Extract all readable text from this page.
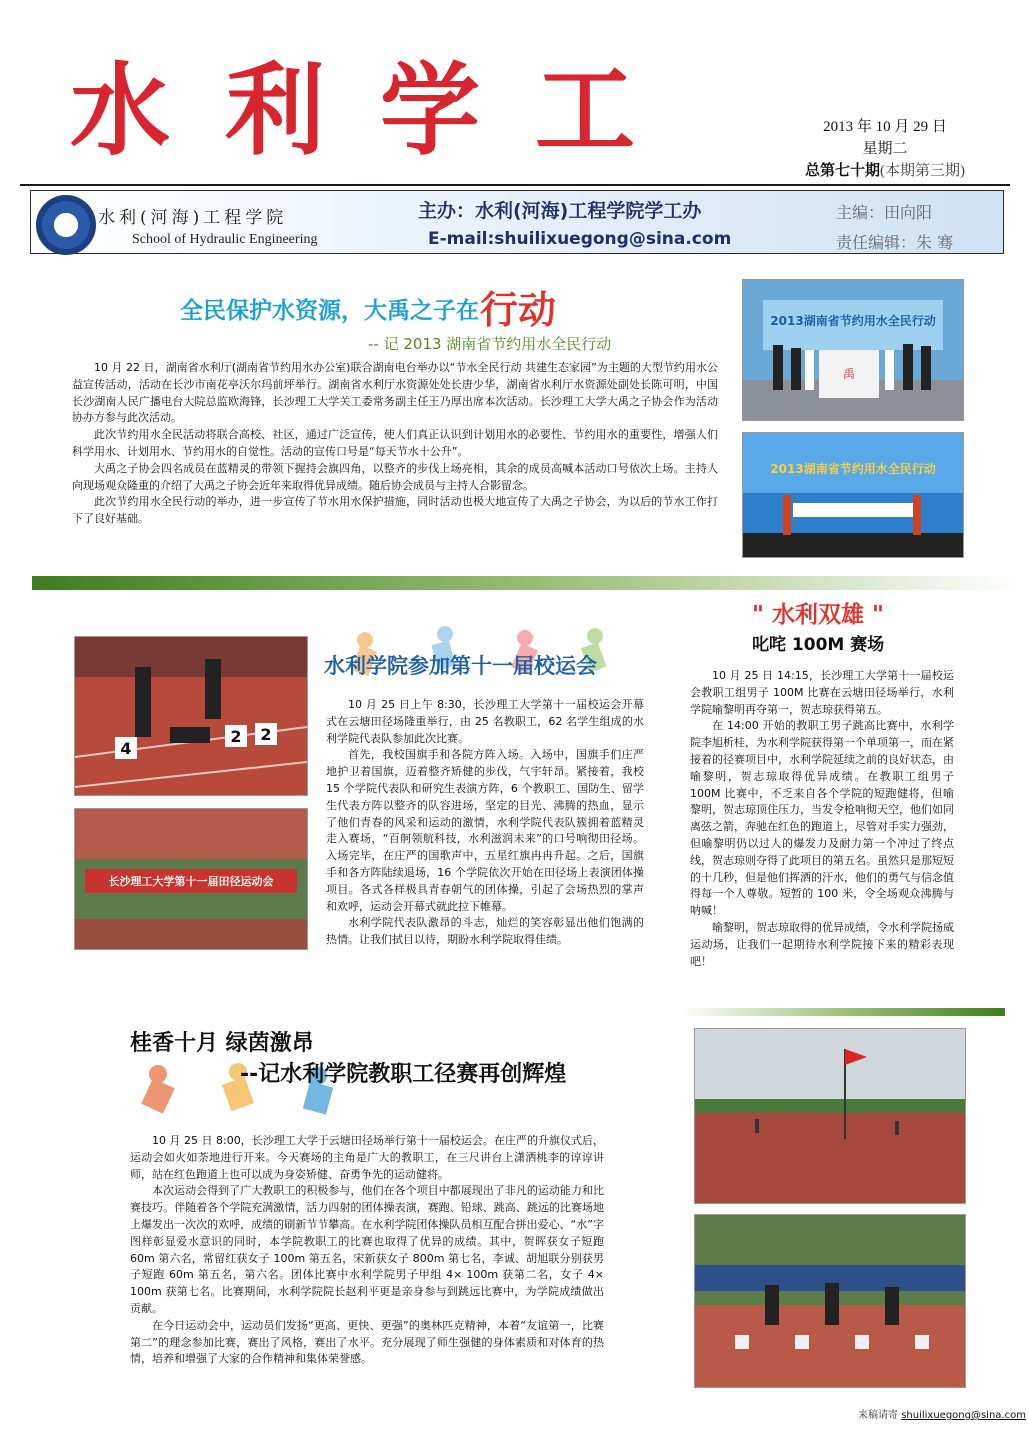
水利学工	2013 年 10 月 29 日
星期二
总第七十期(本期第三期)
水利(河海)工程学院
School of Hydraulic Engineering
主办：水利(河海)工程学院学工办
E-mail:shuilixuegong@sina.com
主编：田向阳
责任编辑：朱 骞
全民保护水资源，大禹之子在 行动
-- 记 2013 湖南省节约用水全民行动

10 月 22 日，湖南省水利厅(湖南省节约用水办公室)联合湖南电台举办以“节水全民行动 共建生态家园”为主题的大型节约用水公益宣传活动，活动在长沙市南花亭沃尔玛前坪举行。湖南省水利厅水资源处处长唐少华，湖南省水利厅水资源处副处长陈可明，中国长沙湖南人民广播电台大院总监欧海锋，长沙理工大学关工委常务副主任王乃厚出席本次活动。长沙理工大学大禹之子协会作为活动协办方参与此次活动。

此次节约用水全民活动将联合高校、社区，通过广泛宣传，使人们真正认识到计划用水的必要性、节约用水的重要性，增强人们科学用水、计划用水、节约用水的自觉性。活动的宣传口号是“每天节水十公升”。

大禹之子协会四名成员在蓝精灵的带领下握持会旗四角，以整齐的步伐上场亮相，其余的成员高喊本活动口号依次上场。主持人向现场观众隆重的介绍了大禹之子协会近年来取得优异成绩。随后协会成员与主持人合影留念。

此次节约用水全民行动的举办，进一步宣传了节水用水保护措施，同时活动也极大地宣传了大禹之子协会，为以后的节水工作打下了良好基础。

2013湖南省节约用水全民行动
禹
2013湖南省节约用水全民行动
水利学院参加第十一届校运会

10 月 25 日上午 8:30，长沙理工大学第十一届校运会开幕式在云塘田径场隆重举行，由 25 名教职工，62 名学生组成的水利学院代表队参加此次比赛。

首先，我校国旗手和各院方阵入场。入场中，国旗手们庄严地护卫着国旗，迈着整齐矫健的步伐，气宇轩昂。紧接着，我校 15 个学院代表队和研究生表演方阵，6 个教职工、国防生、留学生代表方阵以整齐的队容进场，坚定的目光、沸腾的热血，显示了他们青春的风采和运动的激情，水利学院代表队簇拥着蓝精灵走入赛场，“百舸领航科技，水利滋润未来”的口号响彻田径场。入场完毕，在庄严的国歌声中，五星红旗冉冉升起。之后，国旗手和各方阵陆续退场，16 个学院依次开始在田径场上表演团体操项目。各式各样极具青春朝气的团体操，引起了会场热烈的掌声和欢呼，运动会开幕式就此拉下帷幕。

水利学院代表队激昂的斗志，灿烂的笑容彰显出他们饱满的热情。让我们拭目以待，期盼水利学院取得佳绩。

4
2 2
长沙理工大学第十一届田径运动会
" 水利双雄 "
叱咤 100M 赛场

10 月 25 日 14:15，长沙理工大学第十一届校运会教职工组男子 100M 比赛在云塘田径场举行，水利学院喻黎明再夺第一，贺志琼获得第五。

在 14:00 开始的教职工男子跳高比赛中，水利学院李旭析桂，为水利学院获得第一个单项第一，而在紧接着的径赛项目中，水利学院延续之前的良好状态，由喻黎明，贺志琼取得优异成绩。在教职工组男子 100M 比赛中，不乏来自各个学院的短跑健将，但喻黎明，贺志琼顶住压力，当发令枪响彻天空，他们如同离弦之箭，奔驰在红色的跑道上，尽管对手实力强劲，但喻黎明仍以过人的爆发力及耐力第一个冲过了终点线，贺志琼则夺得了此项目的第五名。虽然只是那短短的十几秒，但是他们挥洒的汗水，他们的勇气与信念值得每一个人尊敬。短暂的 100 米，令全场观众沸腾与呐喊！

喻黎明，贺志琼取得的优异成绩，令水利学院扬威运动场，让我们一起期待水利学院接下来的精彩表现吧！

桂香十月 绿茵激昂
--记水利学院教职工径赛再创辉煌

10 月 25 日 8:00，长沙理工大学于云塘田径场举行第十一届校运会。在庄严的升旗仪式后，运动会如火如荼地进行开来。今天赛场的主角是广大的教职工，在三尺讲台上潇洒桃李的谆谆讲师，站在红色跑道上也可以成为身姿矫健、奋勇争先的运动健将。

本次运动会得到了广大教职工的积极参与，他们在各个项目中都展现出了非凡的运动能力和比赛技巧。伴随着各个学院充满激情，活力四射的团体操表演，赛跑、铅球、跳高、跳远的比赛场地上爆发出一次次的欢呼，成绩的刷新节节攀高。在水利学院团体操队员相互配合拼出爱心、“水”字图样彰显爱水意识的同时，本学院教职工的比赛也取得了优异的成绩。其中，贺晖获女子短跑 60m 第六名，常留红获女子 100m 第五名，宋新获女子 800m 第七名，李诚、胡旭联分别获男子短跑 60m 第五名，第六名。团体比赛中水利学院男子甲组 4× 100m 获第二名，女子 4× 100m 获第七名。比赛期间，水利学院院长赵利平更是亲身参与到跳远比赛中，为学院成绩做出贡献。

在今日运动会中，运动员们发扬“更高、更快、更强”的奥林匹克精神，本着“友谊第一，比赛第二”的理念参加比赛，赛出了风格，赛出了水平。充分展现了师生强健的身体素质和对体育的热情，培养和增强了大家的合作精神和集体荣誉感。

来稿请寄 shuilixuegong@sina.com
